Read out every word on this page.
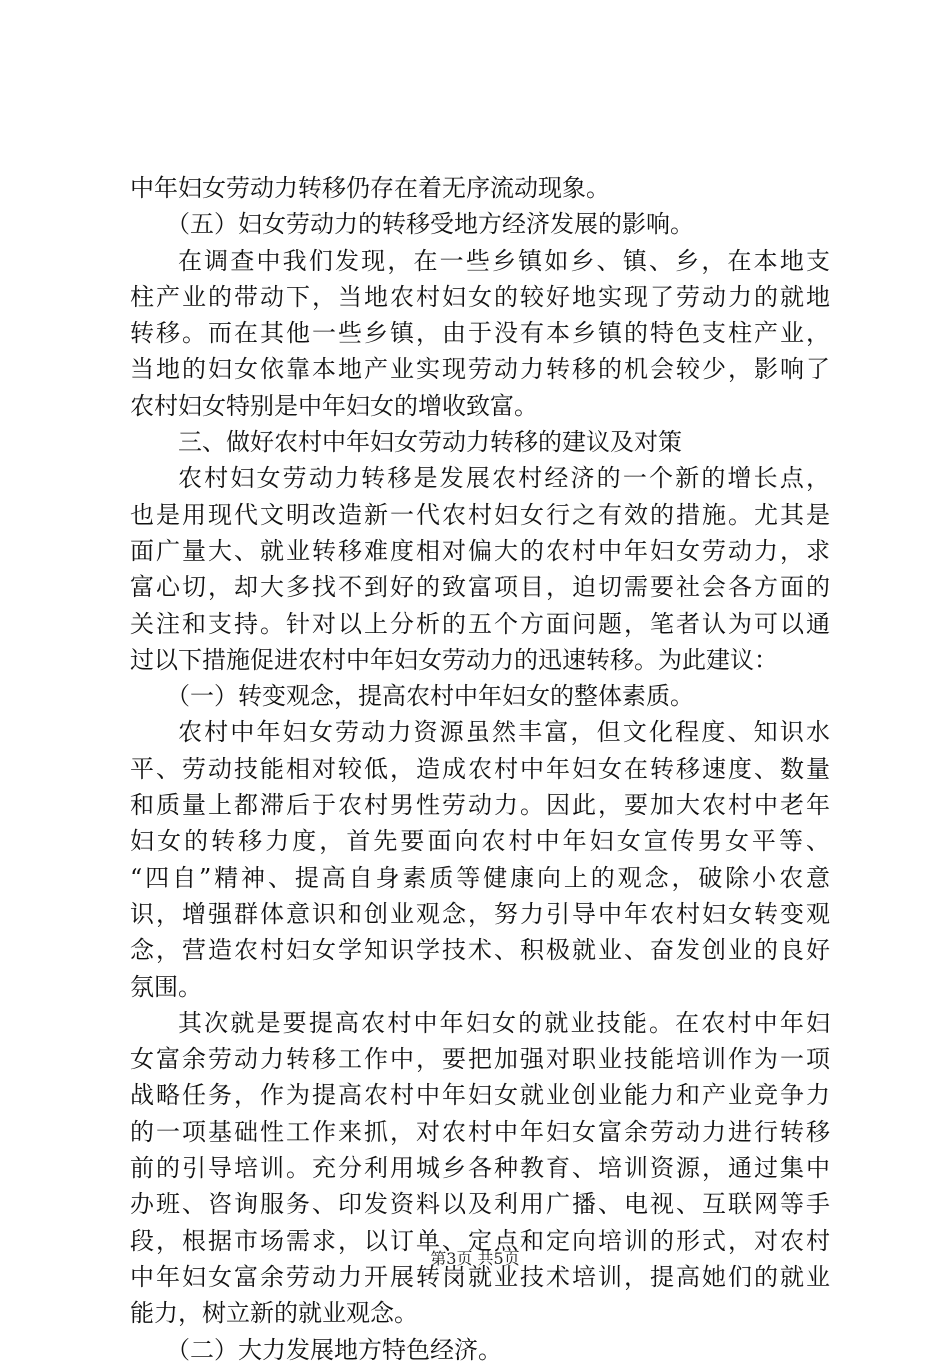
中年妇女劳动力转移仍存在着无序流动现象。
（五）妇女劳动力的转移受地方经济发展的影响。
在调查中我们发现，在一些乡镇如乡、镇、乡，在本地支
柱产业的带动下，当地农村妇女的较好地实现了劳动力的就地
转移。而在其他一些乡镇，由于没有本乡镇的特色支柱产业，
当地的妇女依靠本地产业实现劳动力转移的机会较少，影响了
农村妇女特别是中年妇女的增收致富。
三、做好农村中年妇女劳动力转移的建议及对策
农村妇女劳动力转移是发展农村经济的一个新的增长点，
也是用现代文明改造新一代农村妇女行之有效的措施。尤其是
面广量大、就业转移难度相对偏大的农村中年妇女劳动力，求
富心切，却大多找不到好的致富项目，迫切需要社会各方面的
关注和支持。针对以上分析的五个方面问题，笔者认为可以通
过以下措施促进农村中年妇女劳动力的迅速转移。为此建议：
（一）转变观念，提高农村中年妇女的整体素质。
农村中年妇女劳动力资源虽然丰富，但文化程度、知识水
平、劳动技能相对较低，造成农村中年妇女在转移速度、数量
和质量上都滞后于农村男性劳动力。因此，要加大农村中老年
妇女的转移力度，首先要面向农村中年妇女宣传男女平等、
“四自”精神、提高自身素质等健康向上的观念，破除小农意
识，增强群体意识和创业观念，努力引导中年农村妇女转变观
念，营造农村妇女学知识学技术、积极就业、奋发创业的良好
氛围。
其次就是要提高农村中年妇女的就业技能。在农村中年妇
女富余劳动力转移工作中，要把加强对职业技能培训作为一项
战略任务，作为提高农村中年妇女就业创业能力和产业竞争力
的一项基础性工作来抓，对农村中年妇女富余劳动力进行转移
前的引导培训。充分利用城乡各种教育、培训资源，通过集中
办班、咨询服务、印发资料以及利用广播、电视、互联网等手
段，根据市场需求，以订单、定点和定向培训的形式，对农村
中年妇女富余劳动力开展转岗就业技术培训，提高她们的就业
能力，树立新的就业观念。
（二）大力发展地方特色经济。
第3页 共5页
